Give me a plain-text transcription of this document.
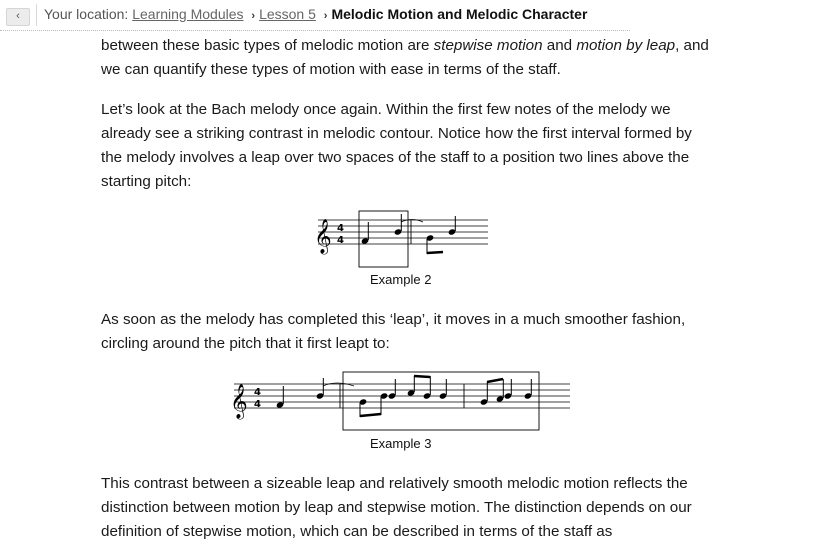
‹	Your location: Learning Modules › Lesson 5 › Melodic Motion and Melodic Character

between these basic types of melodic motion are stepwise motion and motion by leap, and we can quantify these types of motion with ease in terms of the staff.

Let’s look at the Bach melody once again. Within the first few notes of the melody we already see a striking contrast in melodic contour. Notice how the first interval formed by the melody involves a leap over two spaces of the staff to a position two lines above the starting pitch:

As soon as the melody has completed this ‘leap’, it moves in a much smoother fashion, circling around the pitch that it first leapt to:

This contrast between a sizeable leap and relatively smooth melodic motion reflects the distinction between motion by leap and stepwise motion. The distinction depends on our definition of stepwise motion, which can be described in terms of the staff as

𝄞 4
4
Example 2
𝄞 4
4
Example 3
